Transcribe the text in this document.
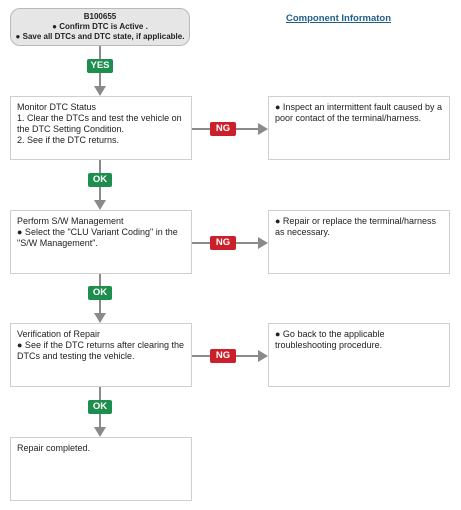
B100655
● Confirm DTC is Active .
● Save all DTCs and DTC state, if applicable.
Component Informaton
YES
Monitor DTC Status
1. Clear the DTCs and test the vehicle on the DTC Setting Condition.
2. See if the DTC returns.
NG
● Inspect an intermittent fault caused by a poor contact of the terminal/harness.
OK
Perform S/W Management
● Select the "CLU Variant Coding" in the "S/W Management".	NG
● Repair or replace the terminal/harness as necessary.
OK
Verification of Repair
● See if the DTC returns after clearing the DTCs and testing the vehicle.	NG
● Go back to the applicable troubleshooting procedure.
OK
Repair completed.
